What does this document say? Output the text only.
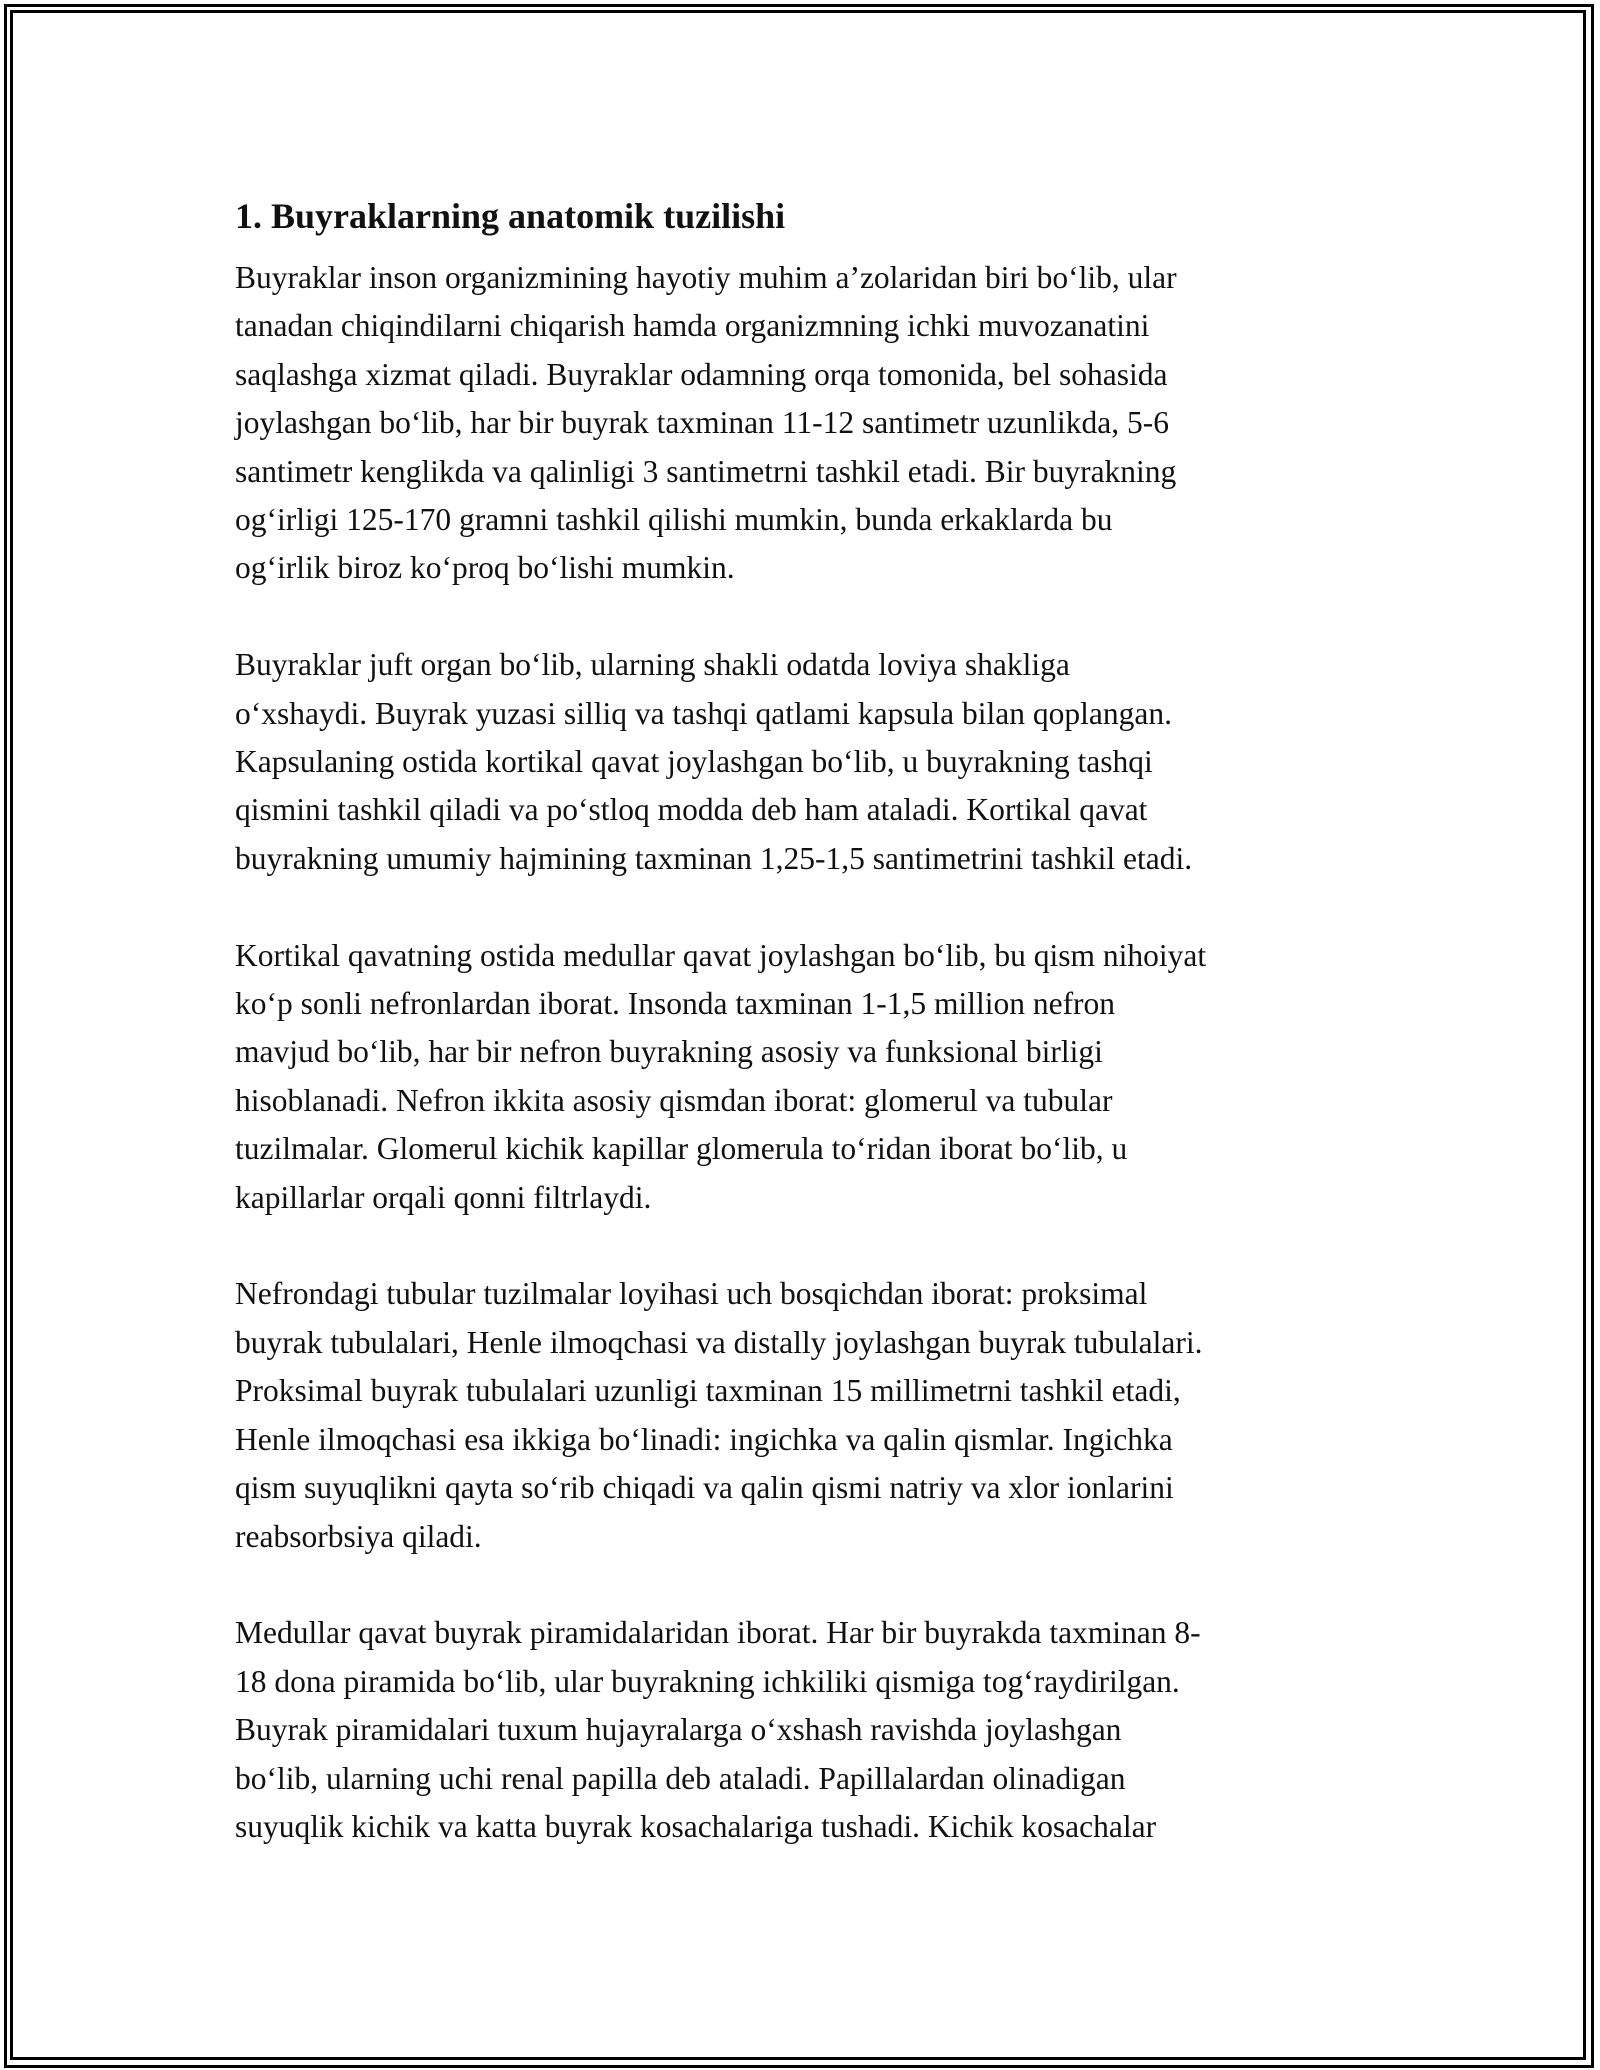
1. Buyraklarning anatomik tuzilishi

Buyraklar inson organizmining hayotiy muhim a’zolaridan biri bo‘lib, ular
tanadan chiqindilarni chiqarish hamda organizmning ichki muvozanatini
saqlashga xizmat qiladi. Buyraklar odamning orqa tomonida, bel sohasida
joylashgan bo‘lib, har bir buyrak taxminan 11-12 santimetr uzunlikda, 5-6
santimetr kenglikda va qalinligi 3 santimetrni tashkil etadi. Bir buyrakning
og‘irligi 125-170 gramni tashkil qilishi mumkin, bunda erkaklarda bu
og‘irlik biroz ko‘proq bo‘lishi mumkin.

Buyraklar juft organ bo‘lib, ularning shakli odatda loviya shakliga
o‘xshaydi. Buyrak yuzasi silliq va tashqi qatlami kapsula bilan qoplangan.
Kapsulaning ostida kortikal qavat joylashgan bo‘lib, u buyrakning tashqi
qismini tashkil qiladi va po‘stloq modda deb ham ataladi. Kortikal qavat
buyrakning umumiy hajmining taxminan 1,25-1,5 santimetrini tashkil etadi.

Kortikal qavatning ostida medullar qavat joylashgan bo‘lib, bu qism nihoiyat
ko‘p sonli nefronlardan iborat. Insonda taxminan 1-1,5 million nefron
mavjud bo‘lib, har bir nefron buyrakning asosiy va funksional birligi
hisoblanadi. Nefron ikkita asosiy qismdan iborat: glomerul va tubular
tuzilmalar. Glomerul kichik kapillar glomerula to‘ridan iborat bo‘lib, u
kapillarlar orqali qonni filtrlaydi.

Nefrondagi tubular tuzilmalar loyihasi uch bosqichdan iborat: proksimal
buyrak tubulalari, Henle ilmoqchasi va distally joylashgan buyrak tubulalari.
Proksimal buyrak tubulalari uzunligi taxminan 15 millimetrni tashkil etadi,
Henle ilmoqchasi esa ikkiga bo‘linadi: ingichka va qalin qismlar. Ingichka
qism suyuqlikni qayta so‘rib chiqadi va qalin qismi natriy va xlor ionlarini
reabsorbsiya qiladi.

Medullar qavat buyrak piramidalaridan iborat. Har bir buyrakda taxminan 8-
18 dona piramida bo‘lib, ular buyrakning ichkiliki qismiga tog‘raydirilgan.
Buyrak piramidalari tuxum hujayralarga o‘xshash ravishda joylashgan
bo‘lib, ularning uchi renal papilla deb ataladi. Papillalardan olinadigan
suyuqlik kichik va katta buyrak kosachalariga tushadi. Kichik kosachalar
